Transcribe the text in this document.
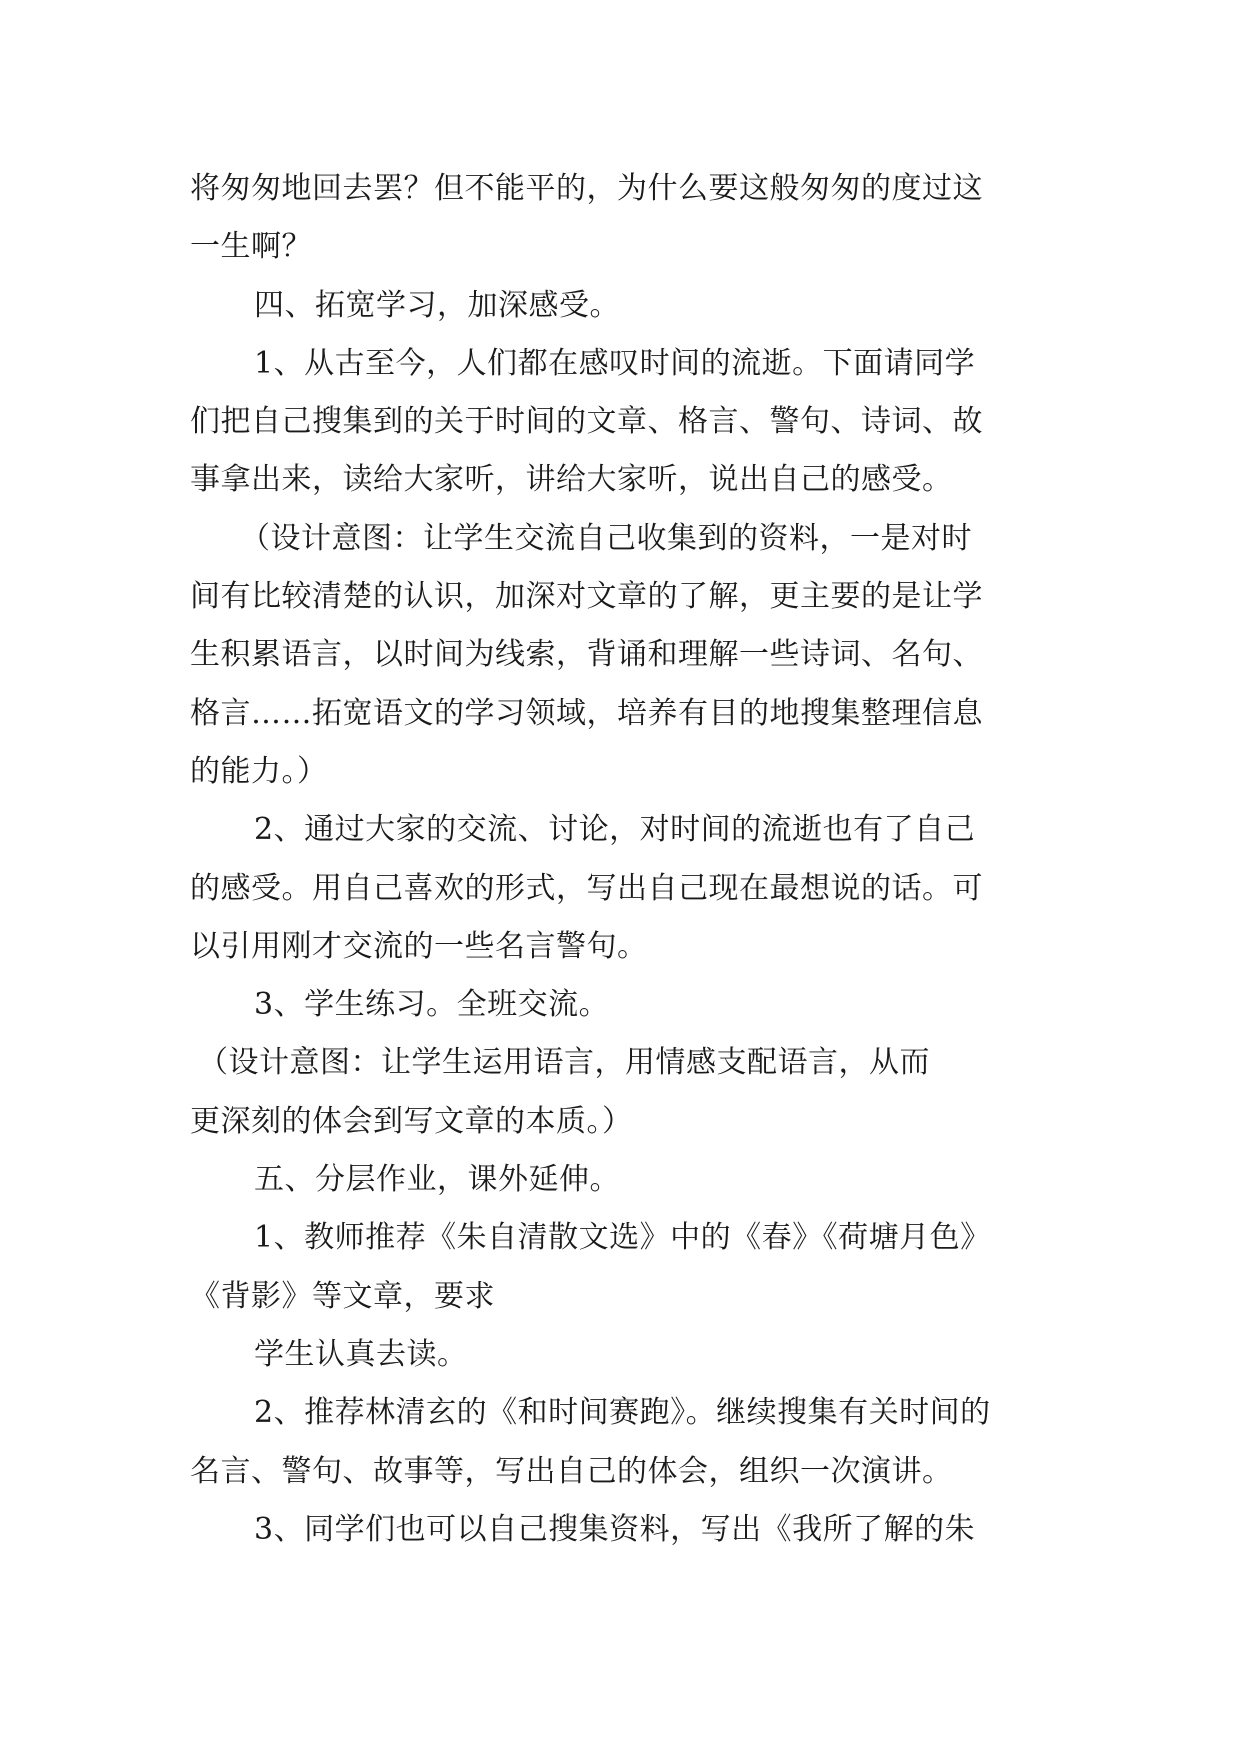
将匆匆地回去罢？但不能平的，为什么要这般匆匆的度过这
一生啊？
四、拓宽学习，加深感受。
1、从古至今，人们都在感叹时间的流逝。下面请同学
们把自己搜集到的关于时间的文章、格言、警句、诗词、故
事拿出来，读给大家听，讲给大家听，说出自己的感受。
（设计意图：让学生交流自己收集到的资料，一是对时
间有比较清楚的认识，加深对文章的了解，更主要的是让学
生积累语言，以时间为线索，背诵和理解一些诗词、名句、
格言……拓宽语文的学习领域，培养有目的地搜集整理信息
的能力。）
2、通过大家的交流、讨论，对时间的流逝也有了自己
的感受。用自己喜欢的形式，写出自己现在最想说的话。可
以引用刚才交流的一些名言警句。
3、学生练习。全班交流。
（设计意图：让学生运用语言，用情感支配语言，从而
更深刻的体会到写文章的本质。）
五、分层作业，课外延伸。
1、教师推荐《朱自清散文选》中的《春》《荷塘月色》
《背影》等文章，要求
学生认真去读。
2、推荐林清玄的《和时间赛跑》。继续搜集有关时间的
名言、警句、故事等，写出自己的体会，组织一次演讲。
3、同学们也可以自己搜集资料，写出《我所了解的朱
